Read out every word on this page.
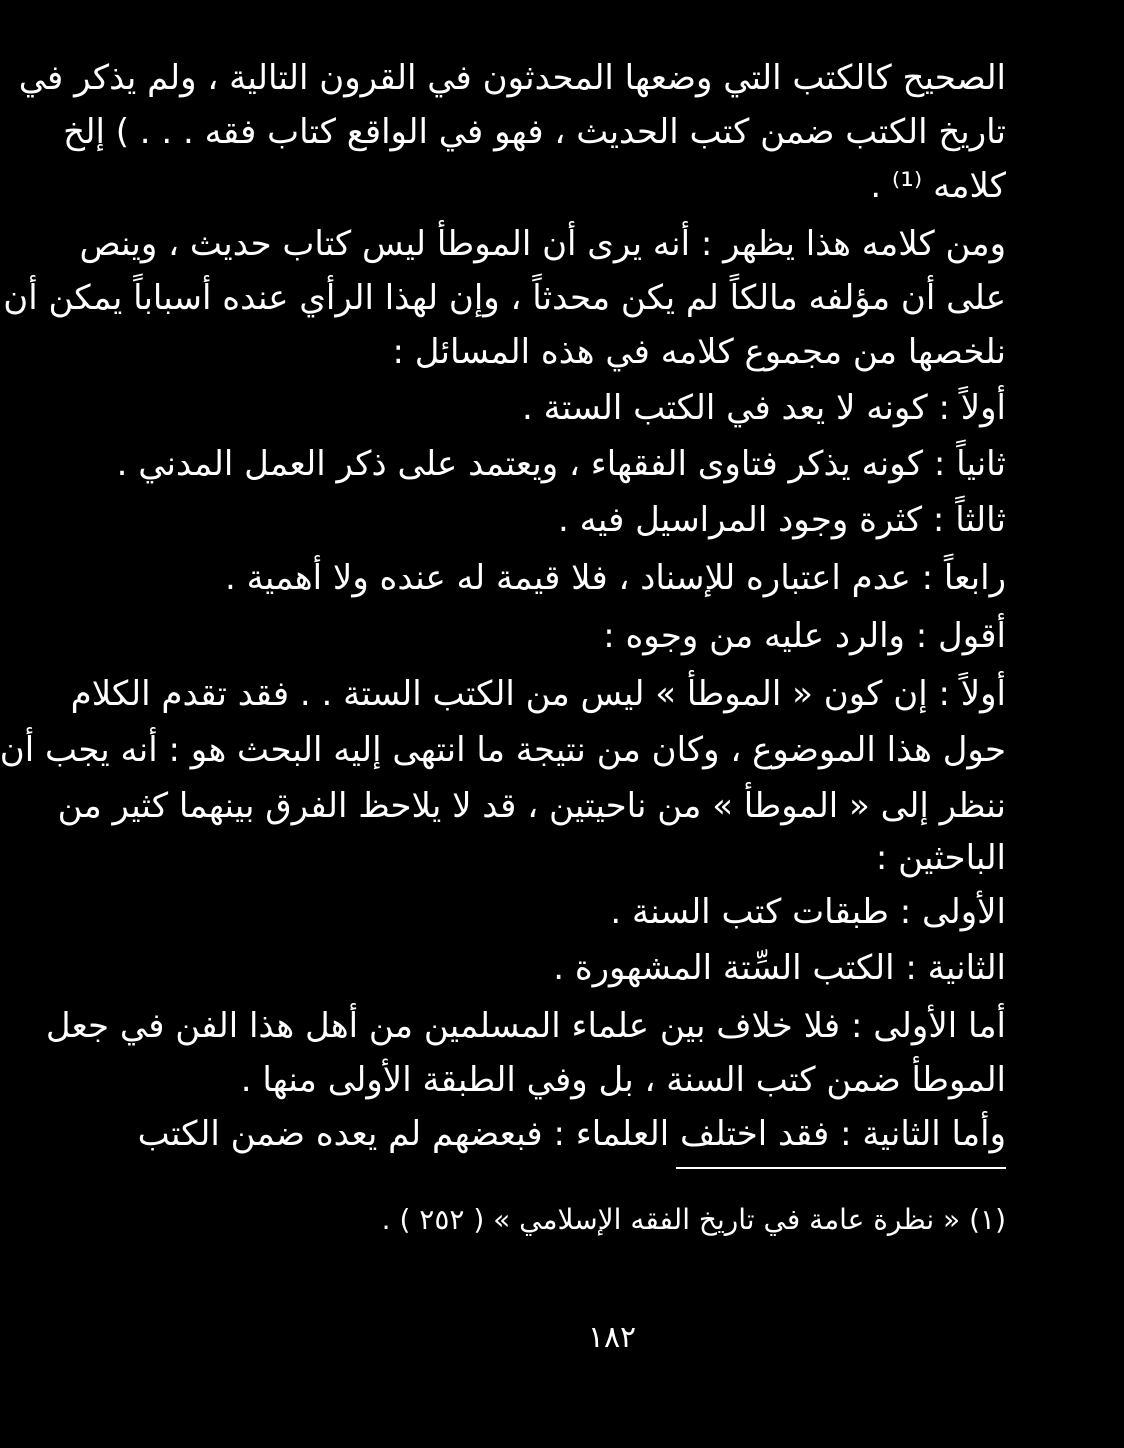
الصحيح كالكتب التي وضعها المحدثون في القرون التالية ، ولم يذكر في
تاريخ الكتب ضمن كتب الحديث ، فهو في الواقع كتاب فقه . . . ) إلخ
كلامه ⁽¹⁾ .
ومن كلامه هذا يظهر : أنه يرى أن الموطأ ليس كتاب حديث ، وينص
على أن مؤلفه مالكاً لم يكن محدثاً ، وإن لهذا الرأي عنده أسباباً يمكن أن
نلخصها من مجموع كلامه في هذه المسائل :
أولاً : كونه لا يعد في الكتب الستة .
ثانياً : كونه يذكر فتاوى الفقهاء ، ويعتمد على ذكر العمل المدني .
ثالثاً : كثرة وجود المراسيل فيه .
رابعاً : عدم اعتباره للإسناد ، فلا قيمة له عنده ولا أهمية .
أقول : والرد عليه من وجوه :
أولاً : إن كون « الموطأ » ليس من الكتب الستة . . فقد تقدم الكلام
حول هذا الموضوع ، وكان من نتيجة ما انتهى إليه البحث هو : أنه يجب أن
ننظر إلى « الموطأ » من ناحيتين ، قد لا يلاحظ الفرق بينهما كثير من
الباحثين :
الأولى : طبقات كتب السنة .
الثانية : الكتب السِّتة المشهورة .
أما الأولى : فلا خلاف بين علماء المسلمين من أهل هذا الفن في جعل
الموطأ ضمن كتب السنة ، بل وفي الطبقة الأولى منها .
وأما الثانية : فقد اختلف العلماء : فبعضهم لم يعده ضمن الكتب
(١) « نظرة عامة في تاريخ الفقه الإسلامي » ( ٢٥٢ ) .
١٨٢
